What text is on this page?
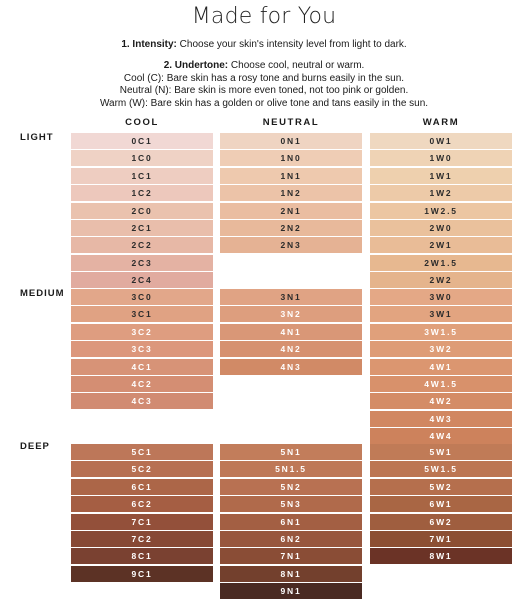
Made for You
1. Intensity: Choose your skin's intensity level from light to dark.
2. Undertone: Choose cool, neutral or warm.
Cool (C): Bare skin has a rosy tone and burns easily in the sun.
Neutral (N): Bare skin is more even toned, not too pink or golden.
Warm (W): Bare skin has a golden or olive tone and tans easily in the sun.
COOL	NEUTRAL	WARM
LIGHT
MEDIUM
DEEP
0C1
1C0
1C1
1C2
2C0
2C1
2C2
2C3
2C4
0N1
1N0
1N1
1N2
2N1
2N2
2N3
0W1
1W0
1W1
1W2
1W2.5
2W0
2W1
2W1.5
2W2
3C0
3C1
3C2
3C3
4C1
4C2
4C3
3N1
3N2
4N1
4N2
4N3
3W0
3W1
3W1.5
3W2
4W1
4W1.5
4W2
4W3
4W4
5C1
5C2
6C1
6C2
7C1
7C2
8C1
9C1
5N1
5N1.5
5N2
5N3
6N1
6N2
7N1
8N1
9N1
5W1
5W1.5
5W2
6W1
6W2
7W1
8W1
